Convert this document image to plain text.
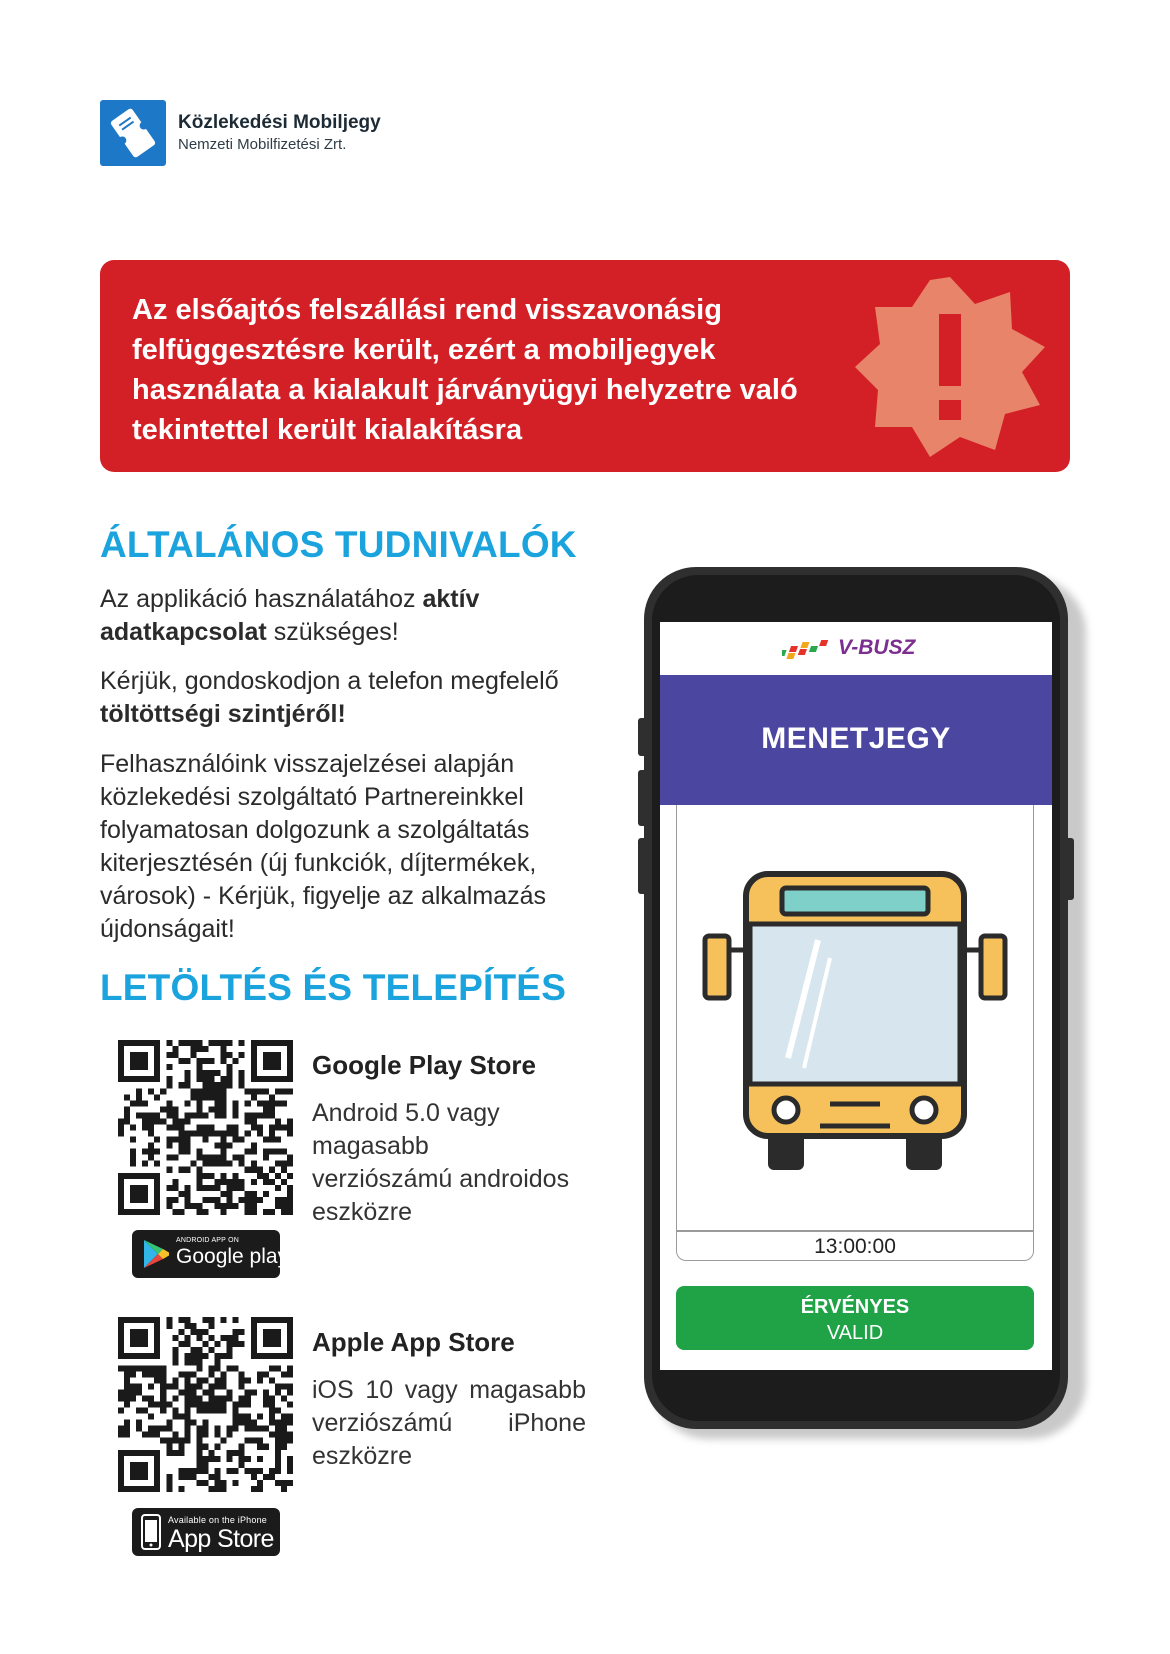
Közlekedési Mobiljegy
Nemzeti Mobilfizetési Zrt.
Az elsőajtós felszállási rend visszavonásig felfüggesztésre került, ezért a mobiljegyek használata a kialakult járványügyi helyzetre való tekintettel került kialakításra
ÁLTALÁNOS TUDNIVALÓK
Az applikáció használatához aktív adatkapcsolat szükséges!
Kérjük, gondoskodjon a telefon megfelelő töltöttségi szintjéről!
Felhasználóink visszajelzései alapján közlekedési szolgáltató Partnereinkkel folyamatosan dolgozunk a szolgáltatás kiterjesztésén (új funkciók, díjtermékek, városok) - Kérjük, figyelje az alkalmazás újdonságait!
LETÖLTÉS ÉS TELEPÍTÉS
ANDROID APP ON
Google play
Google Play Store
Android 5.0 vagy magasabb verziószámú androidos eszközre
Available on the iPhone
App Store
Apple App Store
iOS 10 vagy magasabb verziószámú iPhone eszközre
V-BUSZ
MENETJEGY
13:00:00
ÉRVÉNYES
VALID
